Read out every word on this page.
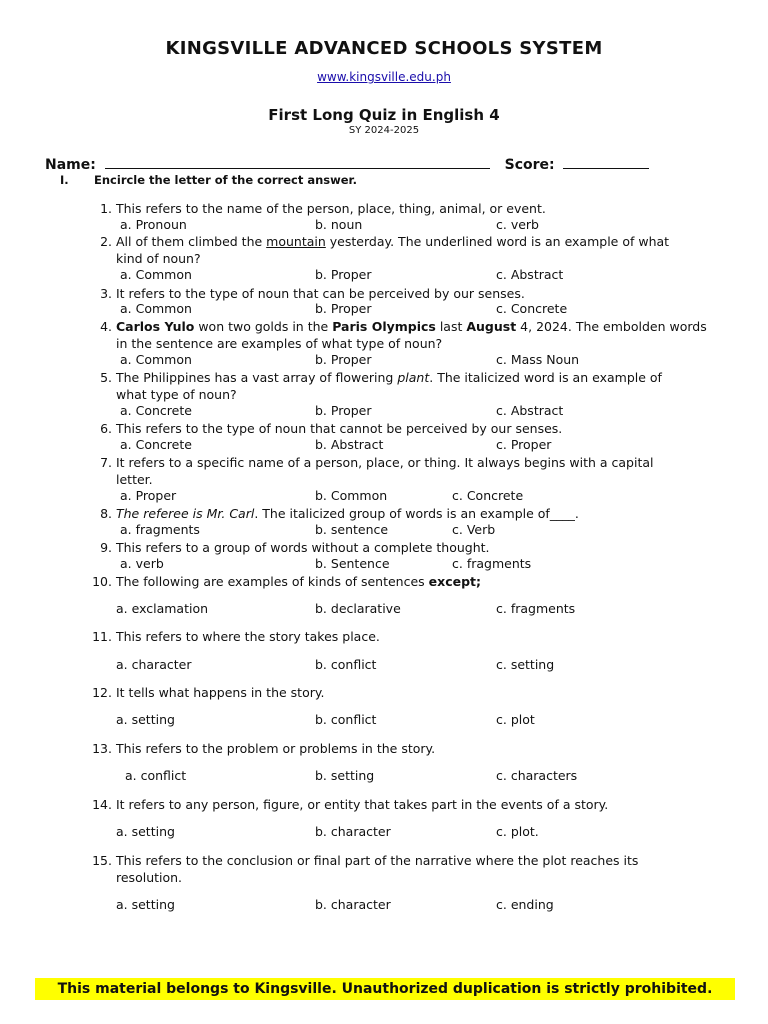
KINGSVILLE ADVANCED SCHOOLS SYSTEM
www.kingsville.edu.ph
First Long Quiz in English 4
SY 2024-2025
Name:	Score:
I. Encircle the letter of the correct answer.
1. This refers to the name of the person, place, thing, animal, or event.
a. Pronoun	b. noun	c. verb
2. All of them climbed the mountain yesterday. The underlined word is an example of what
kind of noun?
a. Common	b. Proper	c. Abstract
3. It refers to the type of noun that can be perceived by our senses.
a. Common	b. Proper	c. Concrete
4. Carlos Yulo won two golds in the Paris Olympics last August 4, 2024. The embolden words
in the sentence are examples of what type of noun?
a. Common	b. Proper	c. Mass Noun
5. The Philippines has a vast array of flowering plant. The italicized word is an example of
what type of noun?
a. Concrete	b. Proper	c. Abstract
6. This refers to the type of noun that cannot be perceived by our senses.
a. Concrete	b. Abstract	c. Proper
7. It refers to a specific name of a person, place, or thing. It always begins with a capital
letter.
a. Proper	b. Common	c. Concrete
8. The referee is Mr. Carl. The italicized group of words is an example of____.
a. fragments	b. sentence	c. Verb
9. This refers to a group of words without a complete thought.
a. verb	b. Sentence	c. fragments
10. The following are examples of kinds of sentences except;
a. exclamation	b. declarative	c. fragments
11. This refers to where the story takes place.
a. character	b. conflict	c. setting
12. It tells what happens in the story.
a. setting	b. conflict	c. plot
13. This refers to the problem or problems in the story.
a. conflict	b. setting	c. characters
14. It refers to any person, figure, or entity that takes part in the events of a story.
a. setting	b. character	c. plot.
15. This refers to the conclusion or final part of the narrative where the plot reaches its
resolution.
a. setting	b. character	c. ending
This material belongs to Kingsville. Unauthorized duplication is strictly prohibited.
